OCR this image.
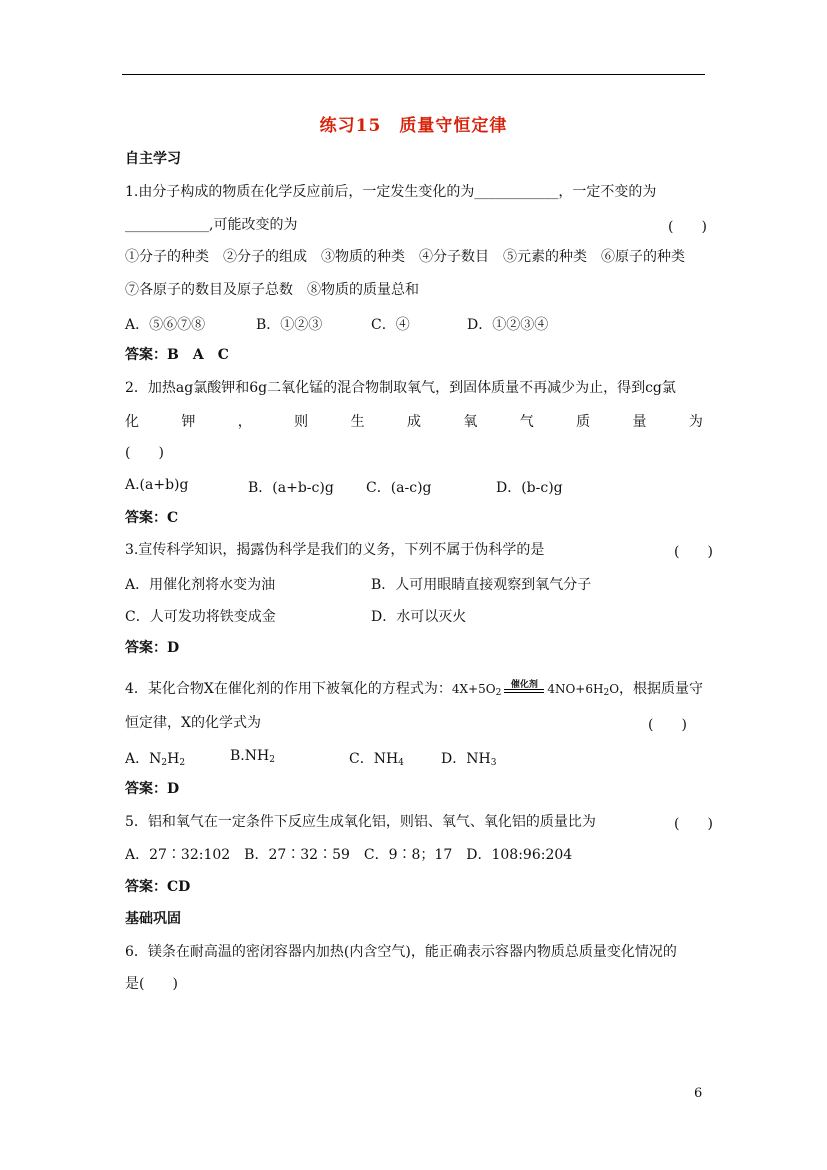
练习15　质量守恒定律
自主学习
1.由分子构成的物质在化学反应前后，一定发生变化的为____________，一定不变的为
____________,可能改变的为	(　　)
①分子的种类　②分子的组成　③物质的种类　④分子数目　⑤元素的种类　⑥原子的种类
⑦各原子的数目及原子总数　⑧物质的质量总和
A．⑤⑥⑦⑧	B．①②③	C．④	D．①②③④
答案：B　A　C
2．加热ag氯酸钾和6g二氧化锰的混合物制取氧气，到固体质量不再减少为止，得到cg氯
化	钾	，	则	生	成	氧	气	质	量	为
(　　)
A.(a+b)g	B．(a+b-c)g C．(a-c)g	D．(b-c)g
答案：C
3.宣传科学知识，揭露伪科学是我们的义务，下列不属于伪科学的是	(　　)
A．用催化剂将水变为油	B．人可用眼睛直接观察到氧气分子
C．人可发功将铁变成金	D．水可以灭火
答案：D
4．某化合物X在催化剂的作用下被氧化的方程式为：$4X+5O_2$
催化剂 $4NO+6H_2O$，根据质量守
恒定律，X的化学式为	(　　)
A．$N_2H_2$	$B.NH_2$	C．$NH_4$	D．$NH_3$
答案：D
5．铝和氧气在一定条件下反应生成氧化铝，则铝、氧气、氧化铝的质量比为	(　　)
A．27∶32:102　B．27∶32∶59　C．9∶8；17　D．108:96:204
答案：CD
基础巩固
6．镁条在耐高温的密闭容器内加热(内含空气)，能正确表示容器内物质总质量变化情况的
是(　　)
6
